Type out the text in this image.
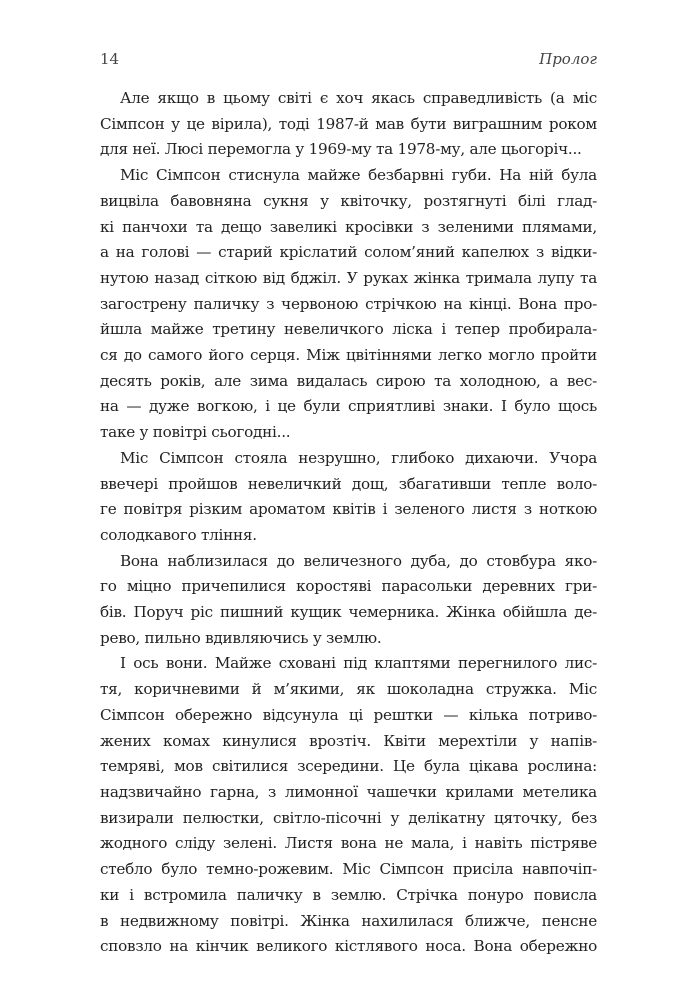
14	Пролог

Але якщо в цьому світі є хоч якась справедливість (а міс
Сімпсон у це вірила), тоді 1987-й мав бути виграшним роком
для неї. Люсі перемогла у 1969-му та 1978-му, але цьогоріч...

Міс Сімпсон стиснула майже безбарвні губи. На ній була
вицвіла бавовняна сукня у квіточку, розтягнуті білі глад-
кі панчохи та дещо завеликі кросівки з зеленими плямами,
а на голові — старий кріслатий солом’яний капелюх з відки-
нутою назад сіткою від бджіл. У руках жінка тримала лупу та
загострену паличку з червоною стрічкою на кінці. Вона про-
йшла майже третину невеличкого ліска і тепер пробирала-
ся до самого його серця. Між цвітіннями легко могло пройти
десять років, але зима видалась сирою та холодною, а вес-
на — дуже вогкою, і це були сприятливі знаки. І було щось
таке у повітрі сьогодні...

Міс Сімпсон стояла незрушно, глибоко дихаючи. Учора
ввечері пройшов невеличкий дощ, збагативши тепле воло-
ге повітря різким ароматом квітів і зеленого листя з ноткою
солодкавого тління.

Вона наблизилася до величезного дуба, до стовбура яко-
го міцно причепилися коростяві парасольки деревних гри-
бів. Поруч ріс пишний кущик чемерника. Жінка обійшла де-
рево, пильно вдивляючись у землю.

І ось вони. Майже сховані під клаптями перегнилого лис-
тя, коричневими й м’якими, як шоколадна стружка. Міс
Сімпсон обережно відсунула ці рештки — кілька потриво-
жених комах кинулися врозтіч. Квіти мерехтіли у напів-
темряві, мов світилися зсередини. Це була цікава рослина:
надзвичайно гарна, з лимонної чашечки крилами метелика
визирали пелюстки, світло-пісочні у делікатну цяточку, без
жодного сліду зелені. Листя вона не мала, і навіть пістряве
стебло було темно-рожевим. Міс Сімпсон присіла навпочіп-
ки і встромила паличку в землю. Стрічка понуро повисла
в недвижному повітрі. Жінка нахилилася ближче, пенсне
сповзло на кінчик великого кістлявого носа. Вона обережно
